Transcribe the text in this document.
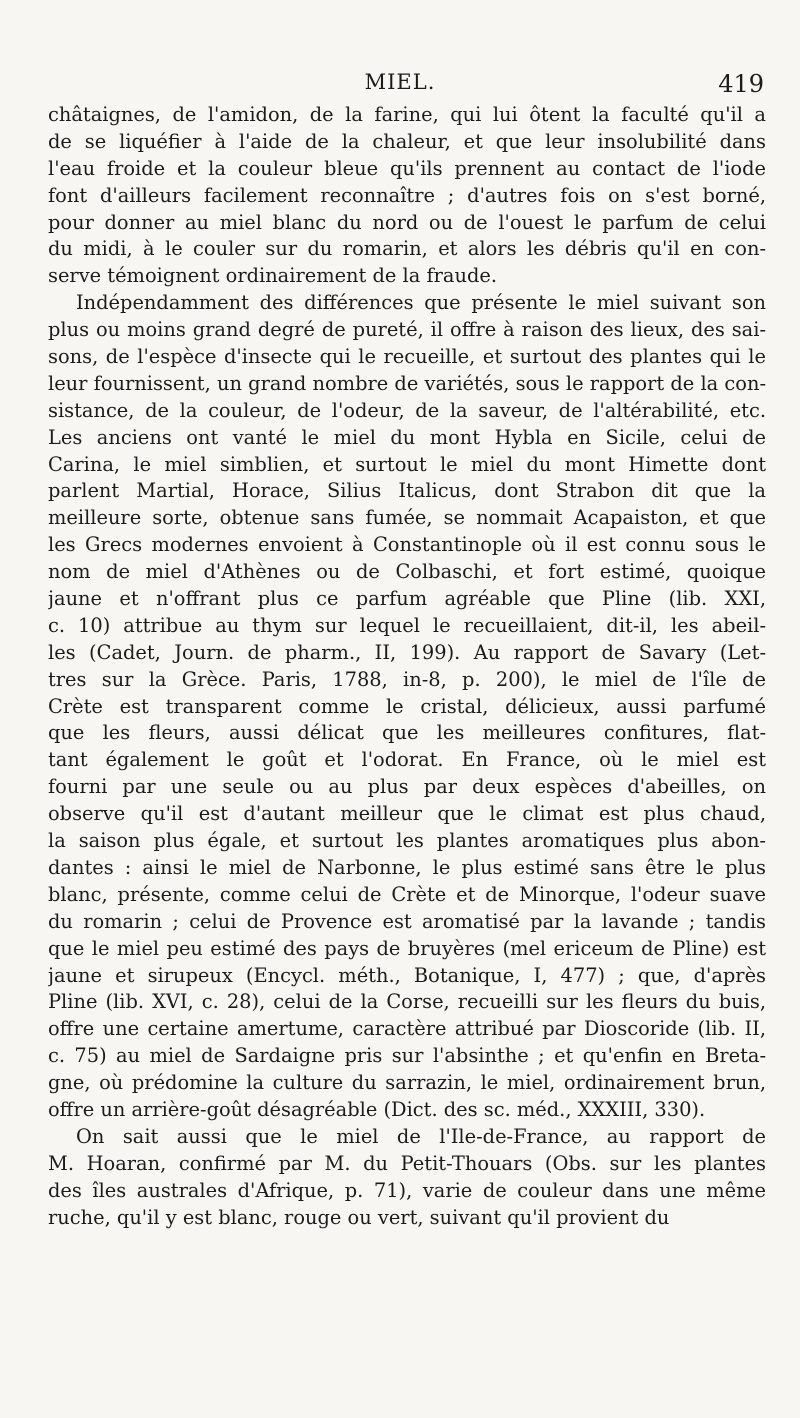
MIEL.	419
châtaignes, de l'amidon, de la farine, qui lui ôtent la faculté qu'il a
de se liquéfier à l'aide de la chaleur, et que leur insolubilité dans
l'eau froide et la couleur bleue qu'ils prennent au contact de l'iode
font d'ailleurs facilement reconnaître ; d'autres fois on s'est borné,
pour donner au miel blanc du nord ou de l'ouest le parfum de celui
du midi, à le couler sur du romarin, et alors les débris qu'il en con-
serve témoignent ordinairement de la fraude.
Indépendamment des différences que présente le miel suivant son
plus ou moins grand degré de pureté, il offre à raison des lieux, des sai-
sons, de l'espèce d'insecte qui le recueille, et surtout des plantes qui le
leur fournissent, un grand nombre de variétés, sous le rapport de la con-
sistance, de la couleur, de l'odeur, de la saveur, de l'altérabilité, etc.
Les anciens ont vanté le miel du mont Hybla en Sicile, celui de
Carina, le miel simblien, et surtout le miel du mont Himette dont
parlent Martial, Horace, Silius Italicus, dont Strabon dit que la
meilleure sorte, obtenue sans fumée, se nommait Acapaiston, et que
les Grecs modernes envoient à Constantinople où il est connu sous le
nom de miel d'Athènes ou de Colbaschi, et fort estimé, quoique
jaune et n'offrant plus ce parfum agréable que Pline (lib. XXI,
c. 10) attribue au thym sur lequel le recueillaient, dit-il, les abeil-
les (Cadet, Journ. de pharm., II, 199). Au rapport de Savary (Let-
tres sur la Grèce. Paris, 1788, in-8, p. 200), le miel de l'île de
Crète est transparent comme le cristal, délicieux, aussi parfumé
que les fleurs, aussi délicat que les meilleures confitures, flat-
tant également le goût et l'odorat. En France, où le miel est
fourni par une seule ou au plus par deux espèces d'abeilles, on
observe qu'il est d'autant meilleur que le climat est plus chaud,
la saison plus égale, et surtout les plantes aromatiques plus abon-
dantes : ainsi le miel de Narbonne, le plus estimé sans être le plus
blanc, présente, comme celui de Crète et de Minorque, l'odeur suave
du romarin ; celui de Provence est aromatisé par la lavande ; tandis
que le miel peu estimé des pays de bruyères (mel ericeum de Pline) est
jaune et sirupeux (Encycl. méth., Botanique, I, 477) ; que, d'après
Pline (lib. XVI, c. 28), celui de la Corse, recueilli sur les fleurs du buis,
offre une certaine amertume, caractère attribué par Dioscoride (lib. II,
c. 75) au miel de Sardaigne pris sur l'absinthe ; et qu'enfin en Breta-
gne, où prédomine la culture du sarrazin, le miel, ordinairement brun,
offre un arrière-goût désagréable (Dict. des sc. méd., XXXIII, 330).
On sait aussi que le miel de l'Ile-de-France, au rapport de
M. Hoaran, confirmé par M. du Petit-Thouars (Obs. sur les plantes
des îles australes d'Afrique, p. 71), varie de couleur dans une même
ruche, qu'il y est blanc, rouge ou vert, suivant qu'il provient du
